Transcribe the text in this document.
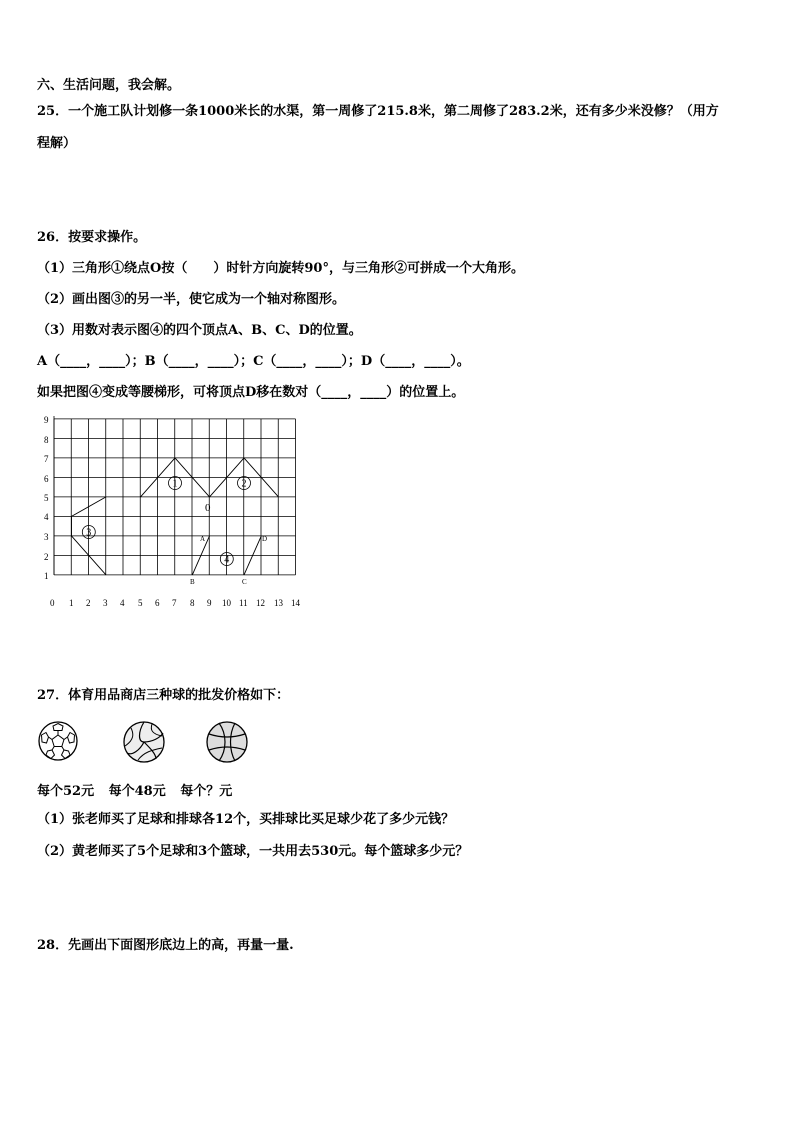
六、生活问题，我会解。
25．一个施工队计划修一条1000米长的水渠，第一周修了215.8米，第二周修了283.2米，还有多少米没修？（用方
程解）
26．按要求操作。
（1）三角形①绕点O按（　　）时针方向旋转90°，与三角形②可拼成一个大角形。
（2）画出图③的另一半，使它成为一个轴对称图形。
（3）用数对表示图④的四个顶点A、B、C、D的位置。
A（____，____）；B（____，____）；C（____，____）；D（____，____）。
如果把图④变成等腰梯形，可将顶点D移在数对（____，____）的位置上。
0 1 2 3 4 5 6 7 8 9 10 11 12 13 14
1
2
3
4
5
6
7
8
9
1	2
3
4
0
A
B	C
D
27．体育用品商店三种球的批发价格如下：
每个52元 每个48元 每个？元
（1）张老师买了足球和排球各12个，买排球比买足球少花了多少元钱？
（2）黄老师买了5个足球和3个篮球，一共用去530元。每个篮球多少元？
28．先画出下面图形底边上的高，再量一量.
